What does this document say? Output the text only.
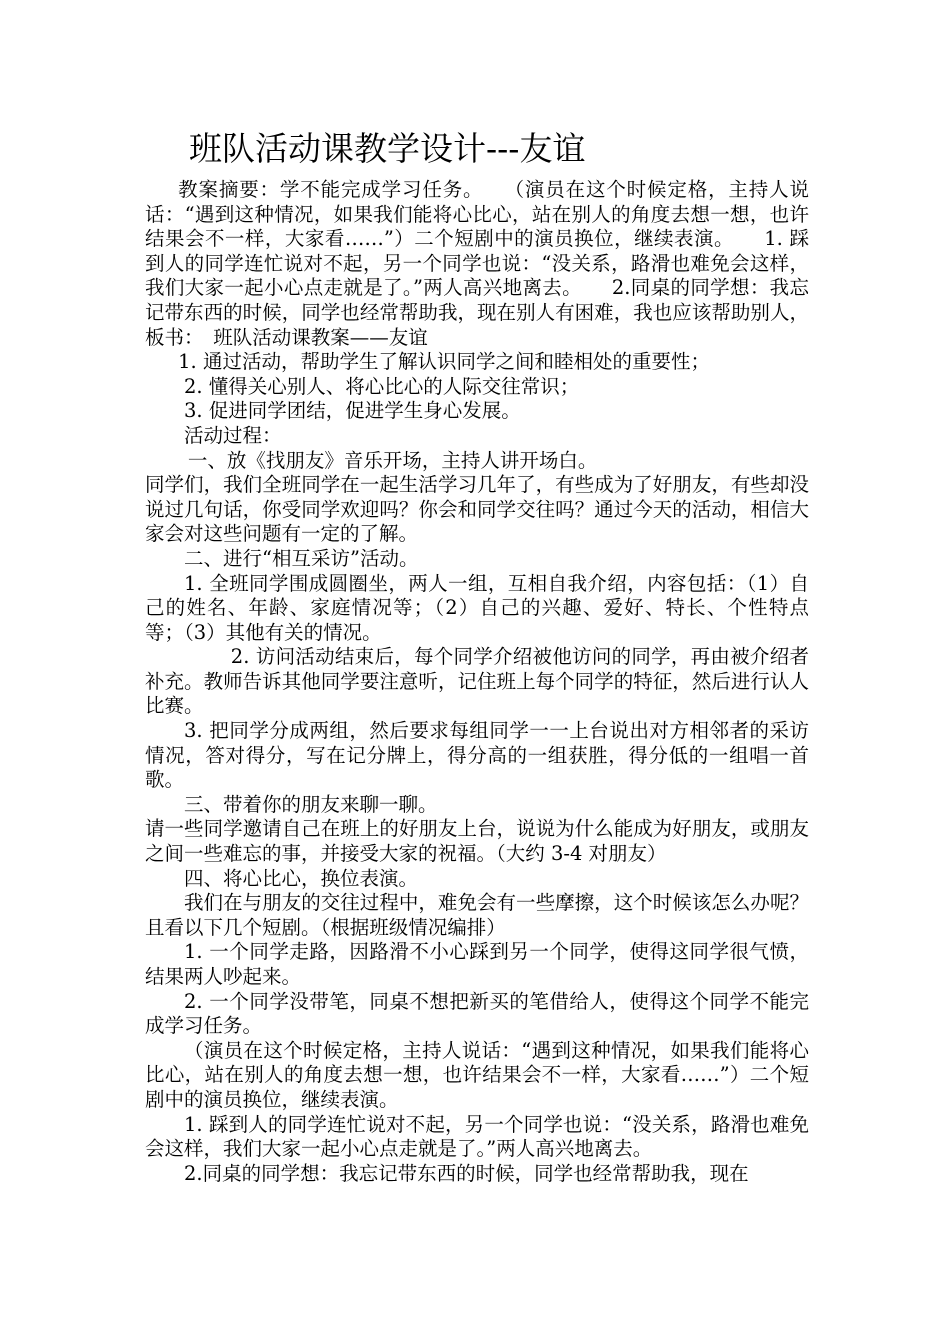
班队活动课教学设计---友谊

教案摘要：学不能完成学习任务。　　（演员在这个时候定格，主持人说话：“遇到这种情况，如果我们能将心比心，站在别人的角度去想一想，也许结果会不一样，大家看……”）二个短剧中的演员换位，继续表演。　　1. 踩到人的同学连忙说对不起，另一个同学也说：“没关系，路滑也难免会这样，我们大家一起小心点走就是了。”两人高兴地离去。　　2.同桌的同学想：我忘记带东西的时候，同学也经常帮助我，现在别人有困难，我也应该帮助别人，板书：　班队活动课教案——友谊

1. 通过活动，帮助学生了解认识同学之间和睦相处的重要性；

2. 懂得关心别人、将心比心的人际交往常识；

3. 促进同学团结，促进学生身心发展。

活动过程：

一、放《找朋友》音乐开场，主持人讲开场白。

同学们，我们全班同学在一起生活学习几年了，有些成为了好朋友，有些却没说过几句话，你受同学欢迎吗？你会和同学交往吗？通过今天的活动，相信大家会对这些问题有一定的了解。

二、进行“相互采访”活动。

1. 全班同学围成圆圈坐，两人一组，互相自我介绍，内容包括：（1）自己的姓名、年龄、家庭情况等；（2）自己的兴趣、爱好、特长、个性特点等；（3）其他有关的情况。

2. 访问活动结束后，每个同学介绍被他访问的同学，再由被介绍者补充。教师告诉其他同学要注意听，记住班上每个同学的特征，然后进行认人比赛。

3. 把同学分成两组，然后要求每组同学一一上台说出对方相邻者的采访情况，答对得分，写在记分牌上，得分高的一组获胜，得分低的一组唱一首歌。

三、带着你的朋友来聊一聊。

请一些同学邀请自己在班上的好朋友上台，说说为什么能成为好朋友，或朋友之间一些难忘的事，并接受大家的祝福。（大约 3-4 对朋友）

四、将心比心，换位表演。

我们在与朋友的交往过程中，难免会有一些摩擦，这个时候该怎么办呢？且看以下几个短剧。（根据班级情况编排）

1. 一个同学走路，因路滑不小心踩到另一个同学，使得这同学很气愤，结果两人吵起来。

2. 一个同学没带笔，同桌不想把新买的笔借给人，使得这个同学不能完成学习任务。

（演员在这个时候定格，主持人说话：“遇到这种情况，如果我们能将心比心，站在别人的角度去想一想，也许结果会不一样，大家看……”）二个短剧中的演员换位，继续表演。

1. 踩到人的同学连忙说对不起，另一个同学也说：“没关系，路滑也难免会这样，我们大家一起小心点走就是了。”两人高兴地离去。

2.同桌的同学想：我忘记带东西的时候，同学也经常帮助我，现在
